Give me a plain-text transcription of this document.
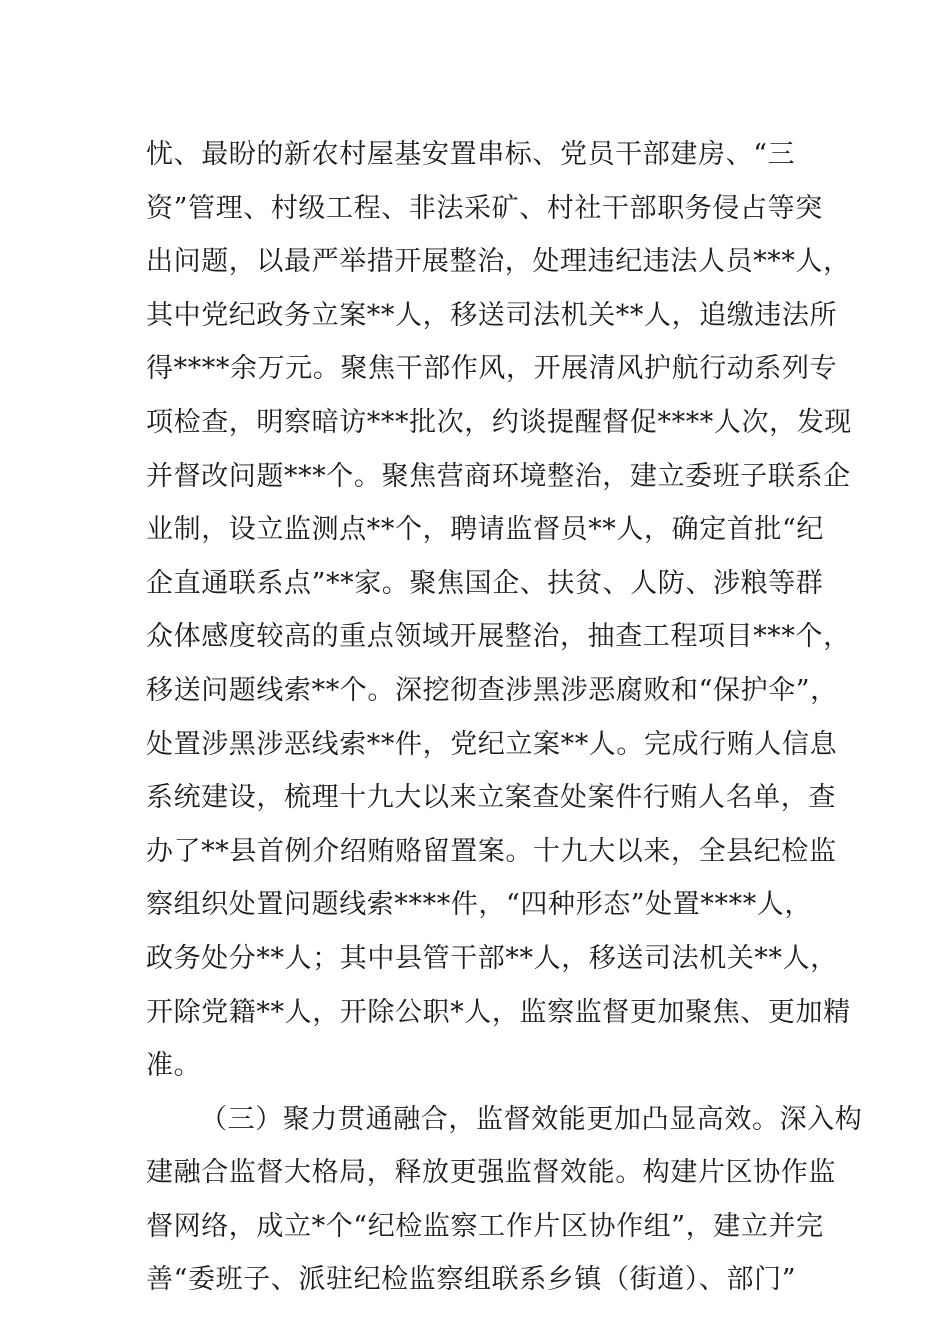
忧、最盼的新农村屋基安置串标、党员干部建房、“三
资”管理、村级工程、非法采矿、村社干部职务侵占等突
出问题，以最严举措开展整治，处理违纪违法人员***人，
其中党纪政务立案**人，移送司法机关**人，追缴违法所
得****余万元。聚焦干部作风，开展清风护航行动系列专
项检查，明察暗访***批次，约谈提醒督促****人次，发现
并督改问题***个。聚焦营商环境整治，建立委班子联系企
业制，设立监测点**个，聘请监督员**人，确定首批“纪
企直通联系点”**家。聚焦国企、扶贫、人防、涉粮等群
众体感度较高的重点领域开展整治，抽查工程项目***个，
移送问题线索**个。深挖彻查涉黑涉恶腐败和“保护伞”，
处置涉黑涉恶线索**件，党纪立案**人。完成行贿人信息
系统建设，梳理十九大以来立案查处案件行贿人名单，查
办了**县首例介绍贿赂留置案。十九大以来，全县纪检监
察组织处置问题线索****件，“四种形态”处置****人，
政务处分**人；其中县管干部**人，移送司法机关**人，
开除党籍**人，开除公职*人，监察监督更加聚焦、更加精
准。
（三）聚力贯通融合，监督效能更加凸显高效。深入构
建融合监督大格局，释放更强监督效能。构建片区协作监
督网络，成立*个“纪检监察工作片区协作组”，建立并完
善“委班子、派驻纪检监察组联系乡镇（街道）、部门”
